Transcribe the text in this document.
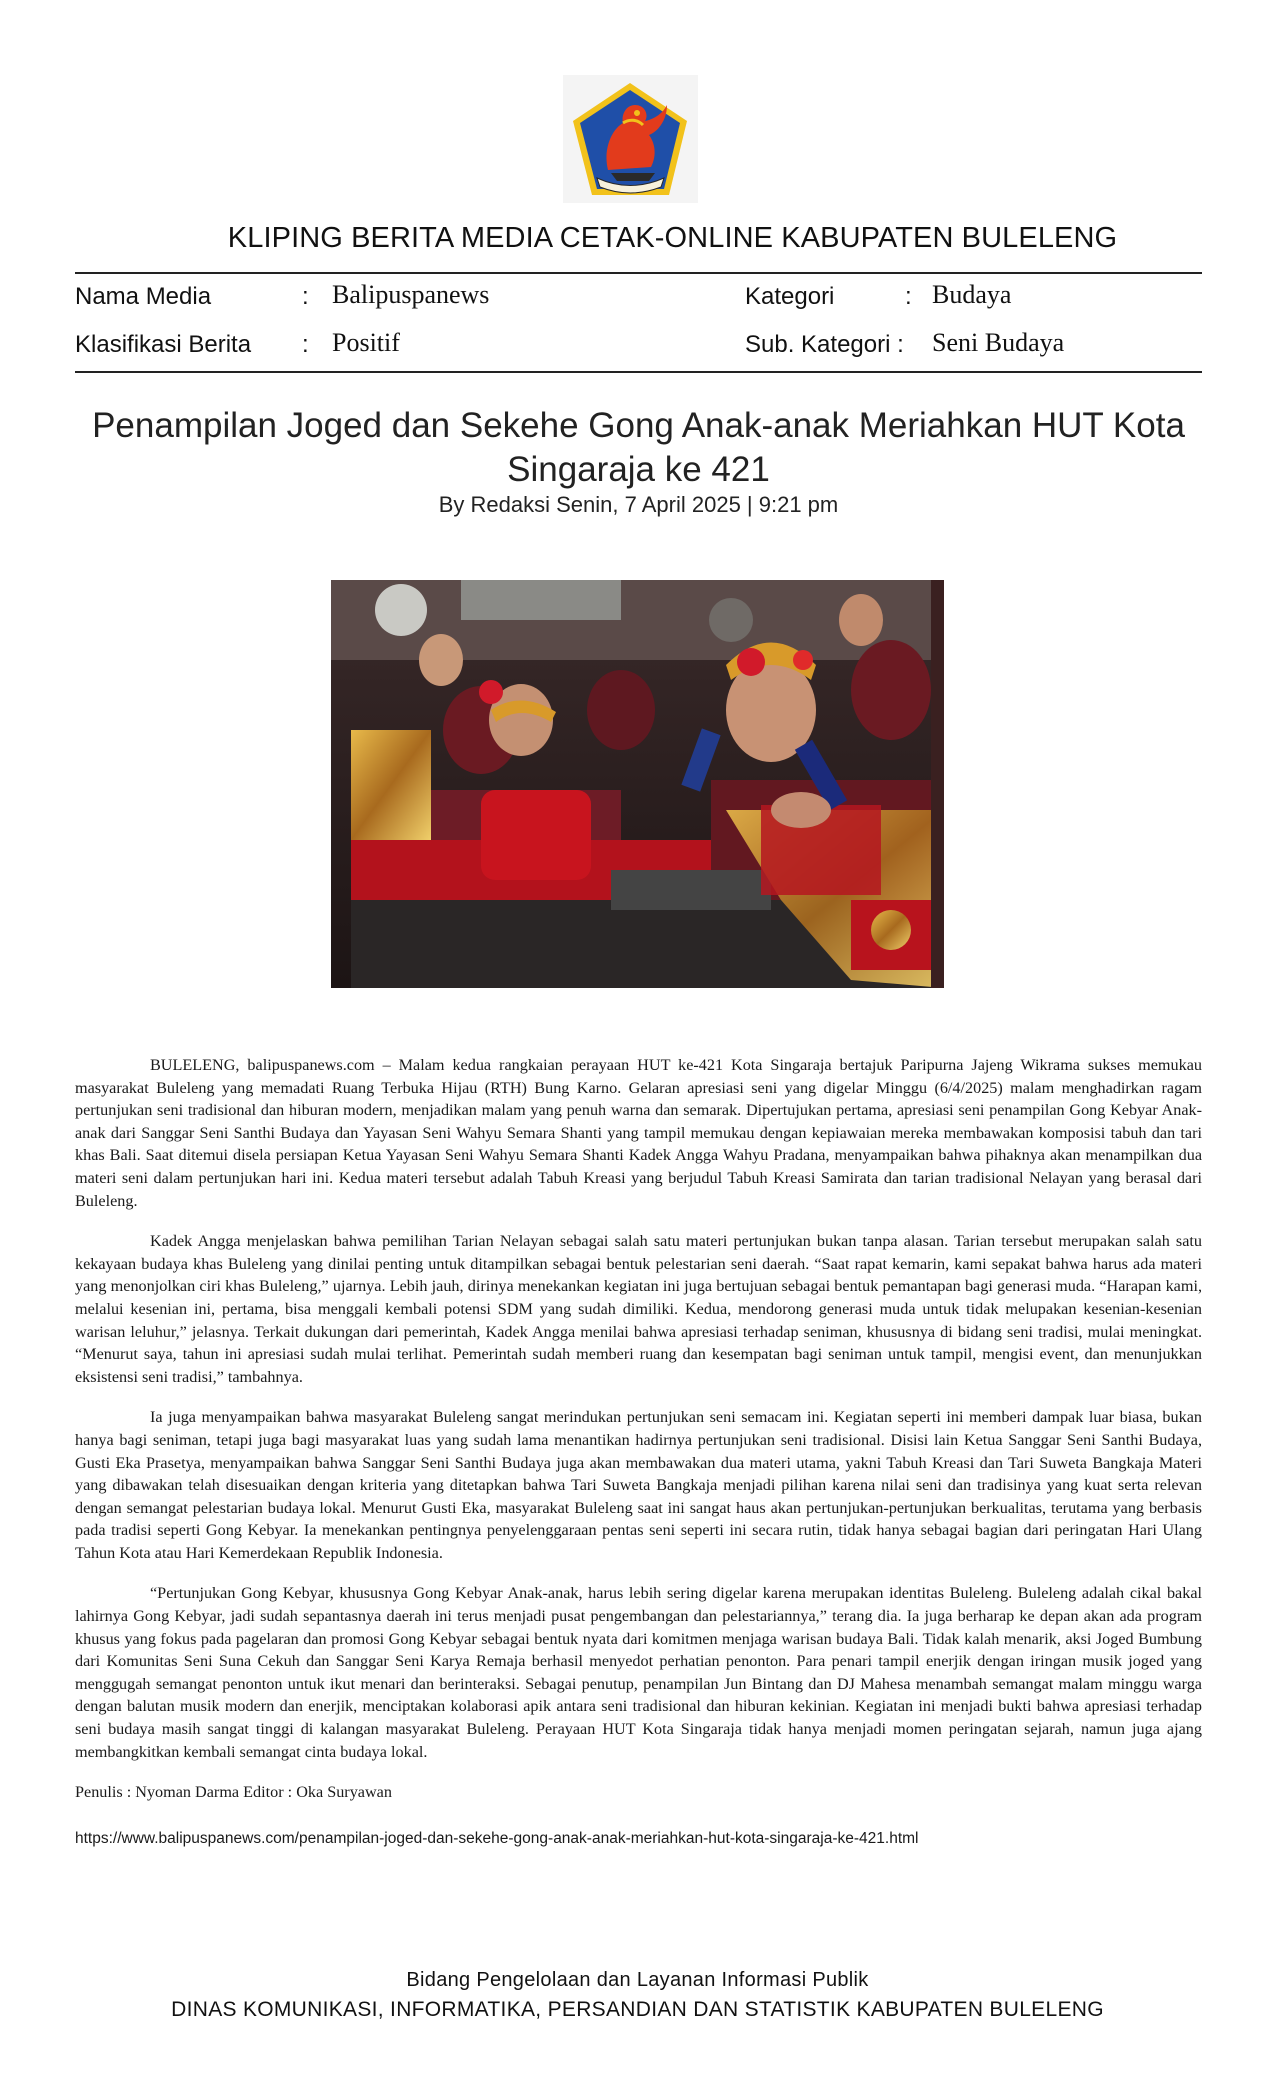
KLIPING BERITA MEDIA CETAK-ONLINE KABUPATEN BULELENG
Nama Media	: Balipuspanews	Kategori	: Budaya
Klasifikasi Berita : Positif	Sub. Kategori : Seni Budaya
Penampilan Joged dan Sekehe Gong Anak-anak Meriahkan HUT Kota Singaraja ke 421
By Redaksi Senin, 7 April 2025 | 9:21 pm

BULELENG, balipuspanews.com – Malam kedua rangkaian perayaan HUT ke-421 Kota Singaraja bertajuk Paripurna Jajeng Wikrama sukses memukau masyarakat Buleleng yang memadati Ruang Terbuka Hijau (RTH) Bung Karno. Gelaran apresiasi seni yang digelar Minggu (6/4/2025) malam menghadirkan ragam pertunjukan seni tradisional dan hiburan modern, menjadikan malam yang penuh warna dan semarak. Dipertujukan pertama, apresiasi seni penampilan Gong Kebyar Anak-anak dari Sanggar Seni Santhi Budaya dan Yayasan Seni Wahyu Semara Shanti yang tampil memukau dengan kepiawaian mereka membawakan komposisi tabuh dan tari khas Bali. Saat ditemui disela persiapan Ketua Yayasan Seni Wahyu Semara Shanti Kadek Angga Wahyu Pradana, menyampaikan bahwa pihaknya akan menampilkan dua materi seni dalam pertunjukan hari ini. Kedua materi tersebut adalah Tabuh Kreasi yang berjudul Tabuh Kreasi Samirata dan tarian tradisional Nelayan yang berasal dari Buleleng.

Kadek Angga menjelaskan bahwa pemilihan Tarian Nelayan sebagai salah satu materi pertunjukan bukan tanpa alasan. Tarian tersebut merupakan salah satu kekayaan budaya khas Buleleng yang dinilai penting untuk ditampilkan sebagai bentuk pelestarian seni daerah. “Saat rapat kemarin, kami sepakat bahwa harus ada materi yang menonjolkan ciri khas Buleleng,” ujarnya. Lebih jauh, dirinya menekankan kegiatan ini juga bertujuan sebagai bentuk pemantapan bagi generasi muda. “Harapan kami, melalui kesenian ini, pertama, bisa menggali kembali potensi SDM yang sudah dimiliki. Kedua, mendorong generasi muda untuk tidak melupakan kesenian-kesenian warisan leluhur,” jelasnya. Terkait dukungan dari pemerintah, Kadek Angga menilai bahwa apresiasi terhadap seniman, khususnya di bidang seni tradisi, mulai meningkat. “Menurut saya, tahun ini apresiasi sudah mulai terlihat. Pemerintah sudah memberi ruang dan kesempatan bagi seniman untuk tampil, mengisi event, dan menunjukkan eksistensi seni tradisi,” tambahnya.

Ia juga menyampaikan bahwa masyarakat Buleleng sangat merindukan pertunjukan seni semacam ini. Kegiatan seperti ini memberi dampak luar biasa, bukan hanya bagi seniman, tetapi juga bagi masyarakat luas yang sudah lama menantikan hadirnya pertunjukan seni tradisional. Disisi lain Ketua Sanggar Seni Santhi Budaya, Gusti Eka Prasetya, menyampaikan bahwa Sanggar Seni Santhi Budaya juga akan membawakan dua materi utama, yakni Tabuh Kreasi dan Tari Suweta Bangkaja Materi yang dibawakan telah disesuaikan dengan kriteria yang ditetapkan bahwa Tari Suweta Bangkaja menjadi pilihan karena nilai seni dan tradisinya yang kuat serta relevan dengan semangat pelestarian budaya lokal. Menurut Gusti Eka, masyarakat Buleleng saat ini sangat haus akan pertunjukan-pertunjukan berkualitas, terutama yang berbasis pada tradisi seperti Gong Kebyar. Ia menekankan pentingnya penyelenggaraan pentas seni seperti ini secara rutin, tidak hanya sebagai bagian dari peringatan Hari Ulang Tahun Kota atau Hari Kemerdekaan Republik Indonesia.

“Pertunjukan Gong Kebyar, khususnya Gong Kebyar Anak-anak, harus lebih sering digelar karena merupakan identitas Buleleng. Buleleng adalah cikal bakal lahirnya Gong Kebyar, jadi sudah sepantasnya daerah ini terus menjadi pusat pengembangan dan pelestariannya,” terang dia. Ia juga berharap ke depan akan ada program khusus yang fokus pada pagelaran dan promosi Gong Kebyar sebagai bentuk nyata dari komitmen menjaga warisan budaya Bali. Tidak kalah menarik, aksi Joged Bumbung dari Komunitas Seni Suna Cekuh dan Sanggar Seni Karya Remaja berhasil menyedot perhatian penonton. Para penari tampil enerjik dengan iringan musik joged yang menggugah semangat penonton untuk ikut menari dan berinteraksi. Sebagai penutup, penampilan Jun Bintang dan DJ Mahesa menambah semangat malam minggu warga dengan balutan musik modern dan enerjik, menciptakan kolaborasi apik antara seni tradisional dan hiburan kekinian. Kegiatan ini menjadi bukti bahwa apresiasi terhadap seni budaya masih sangat tinggi di kalangan masyarakat Buleleng. Perayaan HUT Kota Singaraja tidak hanya menjadi momen peringatan sejarah, namun juga ajang membangkitkan kembali semangat cinta budaya lokal.

Penulis : Nyoman Darma Editor : Oka Suryawan
https://www.balipuspanews.com/penampilan-joged-dan-sekehe-gong-anak-anak-meriahkan-hut-kota-singaraja-ke-421.html
Bidang Pengelolaan dan Layanan Informasi Publik
DINAS KOMUNIKASI, INFORMATIKA, PERSANDIAN DAN STATISTIK KABUPATEN BULELENG
